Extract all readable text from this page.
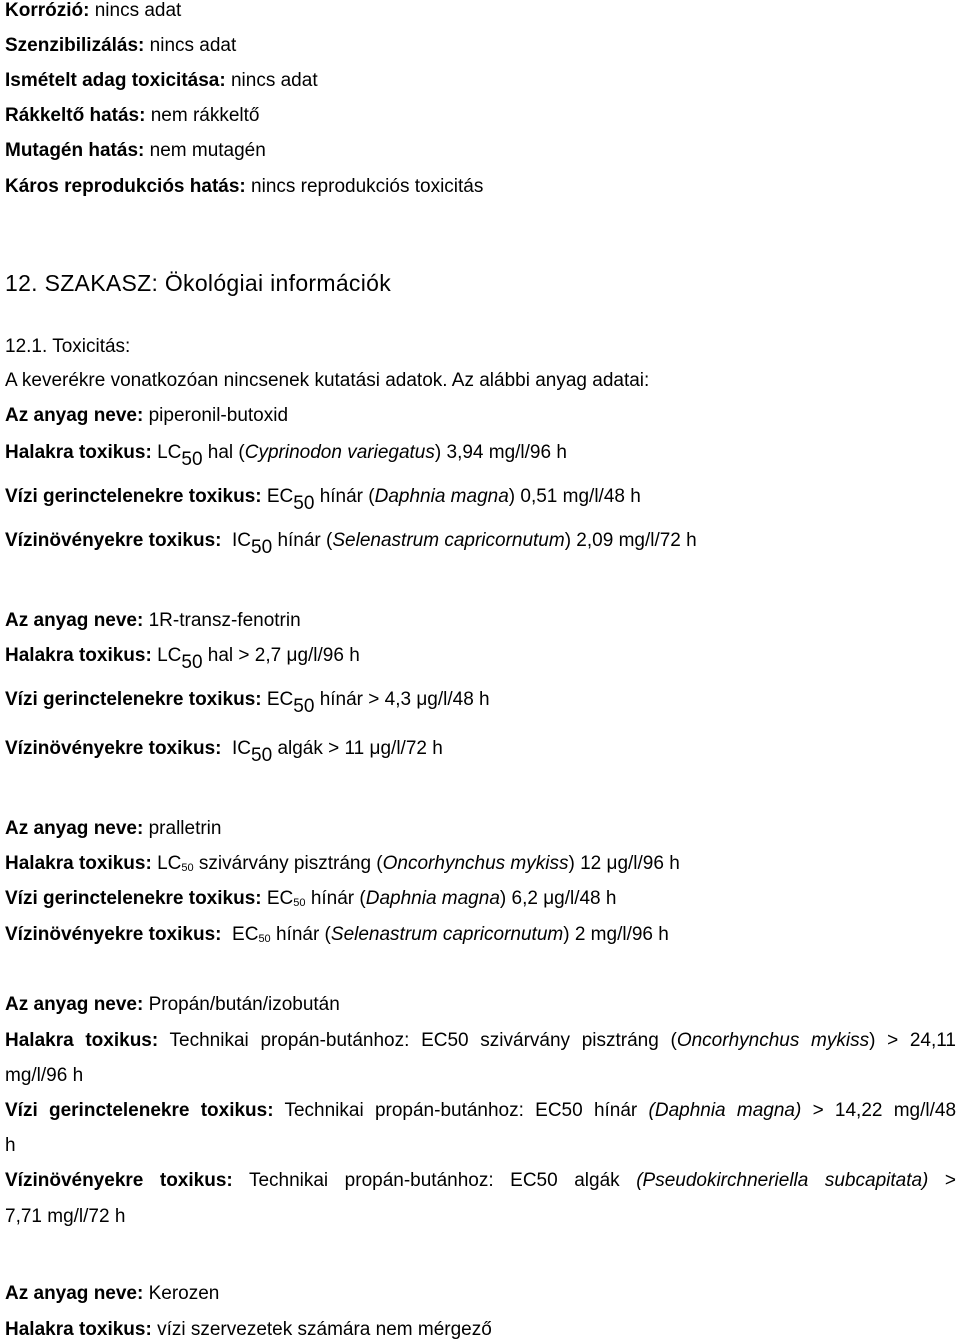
Korrózió: nincs adat
Szenzibilizálás: nincs adat
Ismételt adag toxicitása: nincs adat
Rákkeltő hatás: nem rákkeltő
Mutagén hatás: nem mutagén
Káros reprodukciós hatás: nincs reprodukciós toxicitás
12. SZAKASZ: Ökológiai információk
12.1. Toxicitás:
A keverékre vonatkozóan nincsenek kutatási adatok. Az alábbi anyag adatai:
Az anyag neve: piperonil-butoxid
Halakra toxikus: LC50 hal (Cyprinodon variegatus) 3,94 mg/l/96 h
Vízi gerinctelenekre toxikus: EC50 hínár (Daphnia magna) 0,51 mg/l/48 h
Vízinövényekre toxikus: IC50 hínár (Selenastrum capricornutum) 2,09 mg/l/72 h
Az anyag neve: 1R-transz-fenotrin
Halakra toxikus: LC50 hal > 2,7 μg/l/96 h
Vízi gerinctelenekre toxikus: EC50 hínár > 4,3 μg/l/48 h
Vízinövényekre toxikus: IC50 algák > 11 μg/l/72 h
Az anyag neve: pralletrin
Halakra toxikus: LC50 szivárvány pisztráng (Oncorhynchus mykiss) 12 μg/l/96 h
Vízi gerinctelenekre toxikus: EC50 hínár (Daphnia magna) 6,2 μg/l/48 h
Vízinövényekre toxikus: EC50 hínár (Selenastrum capricornutum) 2 mg/l/96 h
Az anyag neve: Propán/bután/izobután
Halakra toxikus: Technikai propán-butánhoz: EC50 szivárvány pisztráng (Oncorhynchus mykiss) > 24,11
mg/l/96 h
Vízi gerinctelenekre toxikus: Technikai propán-butánhoz: EC50 hínár (Daphnia magna) > 14,22 mg/l/48
h
Vízinövényekre toxikus: Technikai propán-butánhoz: EC50 algák (Pseudokirchneriella subcapitata) >
7,71 mg/l/72 h
Az anyag neve: Kerozen
Halakra toxikus: vízi szervezetek számára nem mérgező
